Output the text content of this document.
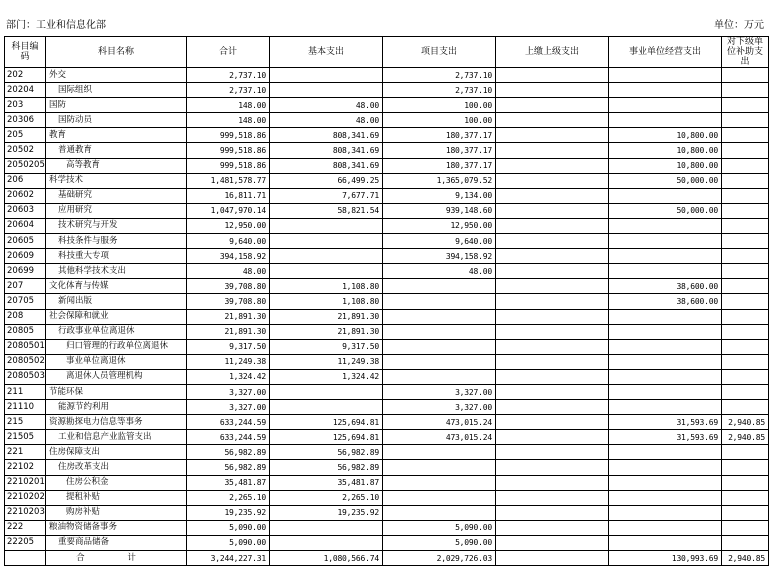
部门：工业和信息化部	单位：万元
科目编码	科目名称	合计	基本支出	项目支出	上缴上级支出	事业单位经营支出	对下级单位补助支出
202	外交	2,737.10		2,737.10			
20204	国际组织	2,737.10		2,737.10			
203	国防	148.00	48.00	100.00			
20306	国防动员	148.00	48.00	100.00			
205	教育	999,518.86	808,341.69	180,377.17		10,800.00	
20502	普通教育	999,518.86	808,341.69	180,377.17		10,800.00	
2050205	高等教育	999,518.86	808,341.69	180,377.17		10,800.00	
206	科学技术	1,481,578.77	66,499.25	1,365,079.52		50,000.00	
20602	基础研究	16,811.71	7,677.71	9,134.00			
20603	应用研究	1,047,970.14	58,821.54	939,148.60		50,000.00	
20604	技术研究与开发	12,950.00		12,950.00			
20605	科技条件与服务	9,640.00		9,640.00			
20609	科技重大专项	394,158.92		394,158.92			
20699	其他科学技术支出	48.00		48.00			
207	文化体育与传媒	39,708.80	1,108.80			38,600.00	
20705	新闻出版	39,708.80	1,108.80			38,600.00	
208	社会保障和就业	21,891.30	21,891.30				
20805	行政事业单位离退休	21,891.30	21,891.30				
2080501	归口管理的行政单位离退休	9,317.50	9,317.50				
2080502	事业单位离退休	11,249.38	11,249.38				
2080503	离退休人员管理机构	1,324.42	1,324.42				
211	节能环保	3,327.00		3,327.00			
21110	能源节约利用	3,327.00		3,327.00			
215	资源勘探电力信息等事务	633,244.59	125,694.81	473,015.24		31,593.69	2,940.85
21505	工业和信息产业监管支出	633,244.59	125,694.81	473,015.24		31,593.69	2,940.85
221	住房保障支出	56,982.89	56,982.89				
22102	住房改革支出	56,982.89	56,982.89				
2210201	住房公积金	35,481.87	35,481.87				
2210202	提租补贴	2,265.10	2,265.10				
2210203	购房补贴	19,235.92	19,235.92				
222	粮油物资储备事务	5,090.00		5,090.00			
22205	重要商品储备	5,090.00		5,090.00			
	合 计	3,244,227.31	1,080,566.74	2,029,726.03		130,993.69	2,940.85
